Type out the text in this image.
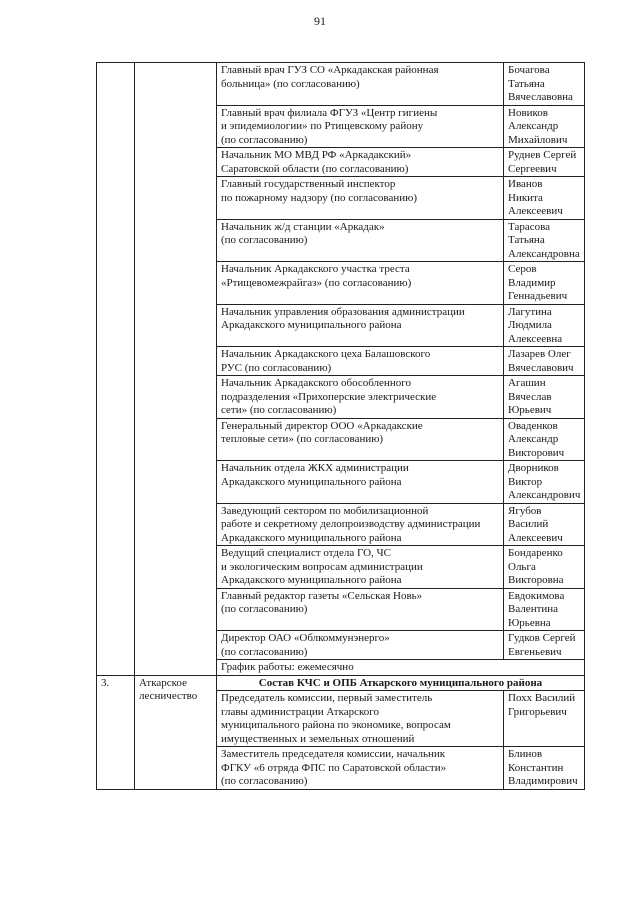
91
		Главный врач ГУЗ СО «Аркадакская районная
больница» (по согласованию)	Бочагова
Татьяна
Вячеславовна
		Главный врач филиала ФГУЗ «Центр гигиены
и эпидемиологии» по Ртищевскому району
(по согласованию)	Новиков
Александр
Михайлович
		Начальник МО МВД РФ «Аркадакский»
Саратовской области (по согласованию)	Руднев Сергей
Сергеевич
		Главный государственный инспектор
по пожарному надзору (по согласованию)	Иванов Никита
Алексеевич
		Начальник ж/д станции «Аркадак»
(по согласованию)	Тарасова
Татьяна
Александровна
		Начальник Аркадакского участка треста
«Ртищевомежрайгаз» (по согласованию)	Серов
Владимир
Геннадьевич
		Начальник управления образования администрации
Аркадакского муниципального района	Лагутина
Людмила
Алексеевна
		Начальник Аркадакского цеха Балашовского
РУС (по согласованию)	Лазарев Олег
Вячеславович
		Начальник Аркадакского обособленного
подразделения «Прихоперские электрические
сети» (по согласованию)	Агашин
Вячеслав
Юрьевич
		Генеральный директор ООО «Аркадакские
тепловые сети» (по согласованию)	Оваденков
Александр
Викторович
		Начальник отдела ЖКХ администрации
Аркадакского муниципального района	Дворников
Виктор
Александрович
		Заведующий сектором по мобилизационной
работе и секретному делопроизводству администрации
Аркадакского муниципального района	Ягубов
Василий
Алексеевич
		Ведущий специалист отдела ГО, ЧС
и экологическим вопросам администрации
Аркадакского муниципального района	Бондаренко
Ольга
Викторовна
		Главный редактор газеты «Сельская Новь»
(по согласованию)	Евдокимова
Валентина
Юрьевна
		Директор ОАО «Облкоммунэнерго»
(по согласованию)	Гудков Сергей
Евгеньевич
		График работы: ежемесячно	
3.	Аткарское
лесничество	Состав КЧС и ОПБ Аткарского муниципального района	
		Председатель комиссии, первый заместитель
главы администрации Аткарского
муниципального района по экономике, вопросам
имущественных и земельных отношений	Похх Василий
Григорьевич
		Заместитель председателя комиссии, начальник
ФГКУ «6 отряда ФПС по Саратовской области»
(по согласованию)	Блинов
Константин
Владимирович
